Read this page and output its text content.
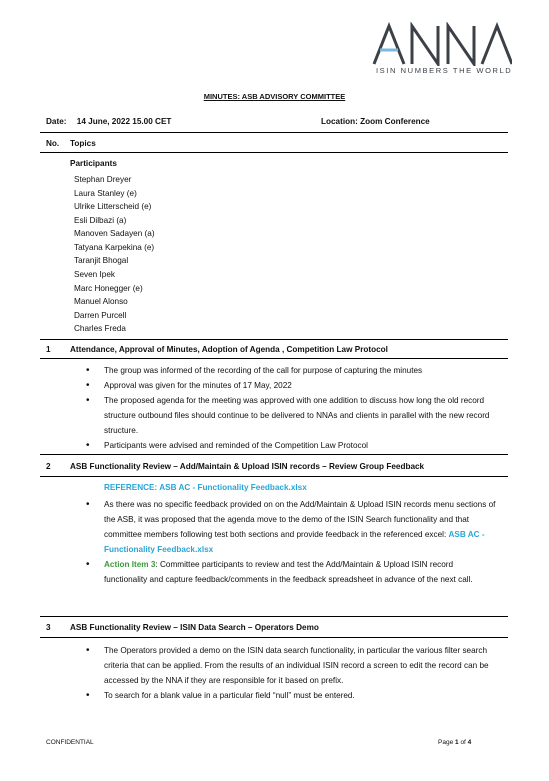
ISIN NUMBERS THE WORLD
MINUTES: ASB ADVISORY COMMITTEE
Date: 14 June, 2022 15.00 CET	Location: Zoom Conference
No. Topics
Participants
Stephan Dreyer
Laura Stanley (e)
Ulrike Litterscheid (e)
Esli Dilbazi (a)
Manoven Sadayen (a)
Tatyana Karpekina (e)
Taranjit Bhogal
Seven Ipek
Marc Honegger (e)
Manuel Alonso
Darren Purcell
Charles Freda
1 Attendance, Approval of Minutes, Adoption of Agenda , Competition Law Protocol
• The group was informed of the recording of the call for purpose of capturing the minutes
• Approval was given for the minutes of 17 May, 2022
• The proposed agenda for the meeting was approved with one addition to discuss how long the old record structure outbound files should continue to be delivered to NNAs and clients in parallel with the new record structure.
• Participants were advised and reminded of the Competition Law Protocol
2 ASB Functionality Review – Add/Maintain & Upload ISIN records – Review Group Feedback
REFERENCE: ASB AC - Functionality Feedback.xlsx
• As there was no specific feedback provided on on the Add/Maintain & Upload ISIN records menu sections of the ASB, it was proposed that the agenda move to the demo of the ISIN Search functionality and that committee members following test both sections and provide feedback in the referenced excel: ASB AC - Functionality Feedback.xlsx
• Action Item 3: Committee participants to review and test the Add/Maintain & Upload ISIN record functionality and capture feedback/comments in the feedback spreadsheet in advance of the next call.
3 ASB Functionality Review – ISIN Data Search – Operators Demo
• The Operators provided a demo on the ISIN data search functionality, in particular the various filter search criteria that can be applied. From the results of an individual ISIN record a screen to edit the record can be accessed by the NNA if they are responsible for it based on prefix.
• To search for a blank value in a particular field “null” must be entered.
CONFIDENTIAL	Page 1 of 4
